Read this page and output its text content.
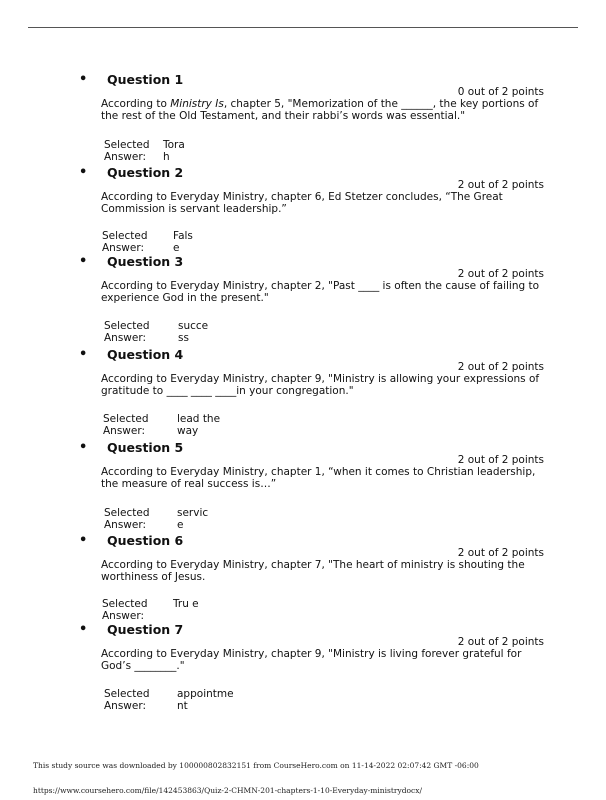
• Question 1
0 out of 2 points
According to Ministry Is, chapter 5, "Memorization of the ______, the key portions of the rest of the Old Testament, and their rabbi’s words was essential."
Selected Answer:
Tora h
• Question 2
2 out of 2 points
According to Everyday Ministry, chapter 6, Ed Stetzer concludes, “The Great Commission is servant leadership.”
Selected Answer:
Fals e
• Question 3
2 out of 2 points
According to Everyday Ministry, chapter 2, "Past ____ is often the cause of failing to experience God in the present."
Selected Answer:
succe ss
• Question 4
2 out of 2 points
According to Everyday Ministry, chapter 9, "Ministry is allowing your expressions of gratitude to ____ ____ ____in your congregation."
Selected Answer:
lead the way
• Question 5
2 out of 2 points
According to Everyday Ministry, chapter 1, “when it comes to Christian leadership, the measure of real success is…”
Selected Answer:
servic e
• Question 6
2 out of 2 points
According to Everyday Ministry, chapter 7, "The heart of ministry is shouting the worthiness of Jesus.
Selected Answer:
Tru e
• Question 7
2 out of 2 points
According to Everyday Ministry, chapter 9, "Ministry is living forever grateful for God’s ________."
Selected Answer:
appointme nt
This study source was downloaded by 100000802832151 from CourseHero.com on 11-14-2022 02:07:42 GMT -06:00
https://www.coursehero.com/file/142453863/Quiz-2-CHMN-201-chapters-1-10-Everyday-ministrydocx/
